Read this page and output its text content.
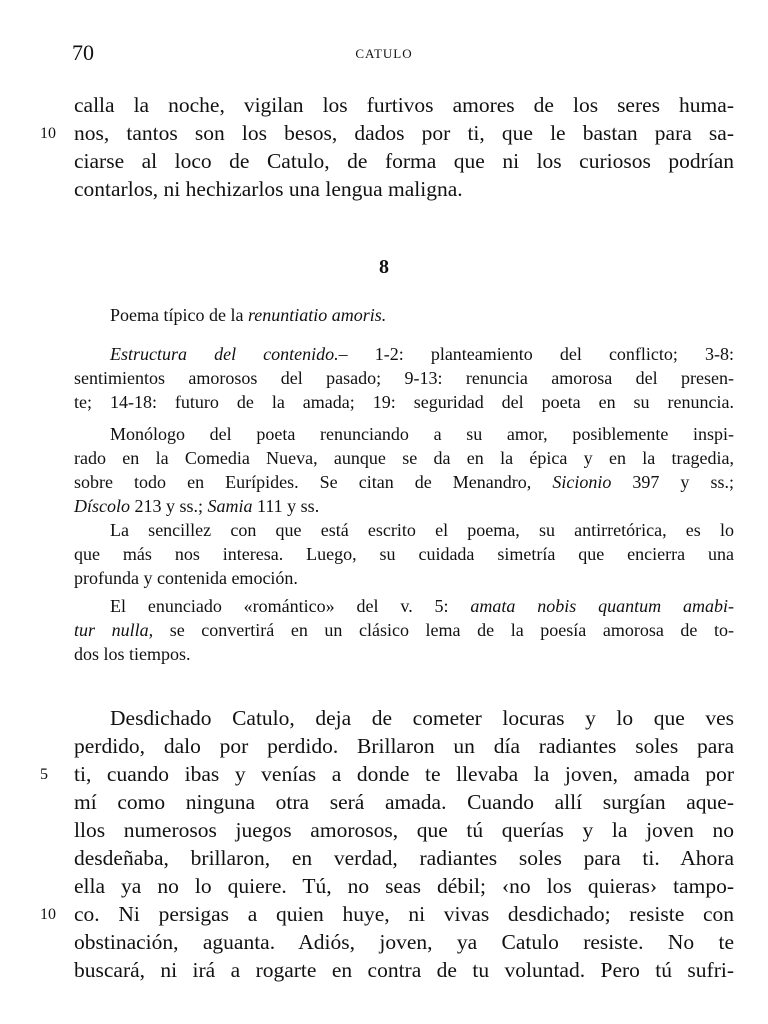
70	CATULO
calla la noche, vigilan los furtivos amores de los seres huma-
10 nos, tantos son los besos, dados por ti, que le bastan para sa-
ciarse al loco de Catulo, de forma que ni los curiosos podrían
contarlos, ni hechizarlos una lengua maligna.
8
Poema típico de la renuntiatio amoris.
Estructura del contenido.– 1-2: planteamiento del conflicto; 3-8:
sentimientos amorosos del pasado; 9-13: renuncia amorosa del presen-
te; 14-18: futuro de la amada; 19: seguridad del poeta en su renuncia.
Monólogo del poeta renunciando a su amor, posiblemente inspi-
rado en la Comedia Nueva, aunque se da en la épica y en la tragedia,
sobre todo en Eurípides. Se citan de Menandro, Sicionio 397 y ss.;
Díscolo 213 y ss.; Samia 111 y ss.
La sencillez con que está escrito el poema, su antirretórica, es lo
que más nos interesa. Luego, su cuidada simetría que encierra una
profunda y contenida emoción.
El enunciado «romántico» del v. 5: amata nobis quantum amabi-
tur nulla, se convertirá en un clásico lema de la poesía amorosa de to-
dos los tiempos.
Desdichado Catulo, deja de cometer locuras y lo que ves
perdido, dalo por perdido. Brillaron un día radiantes soles para
5 ti, cuando ibas y venías a donde te llevaba la joven, amada por
mí como ninguna otra será amada. Cuando allí surgían aque-
llos numerosos juegos amorosos, que tú querías y la joven no
desdeñaba, brillaron, en verdad, radiantes soles para ti. Ahora
ella ya no lo quiere. Tú, no seas débil; ‹no los quieras› tampo-
10 co. Ni persigas a quien huye, ni vivas desdichado; resiste con
obstinación, aguanta. Adiós, joven, ya Catulo resiste. No te
buscará, ni irá a rogarte en contra de tu voluntad. Pero tú sufri-
